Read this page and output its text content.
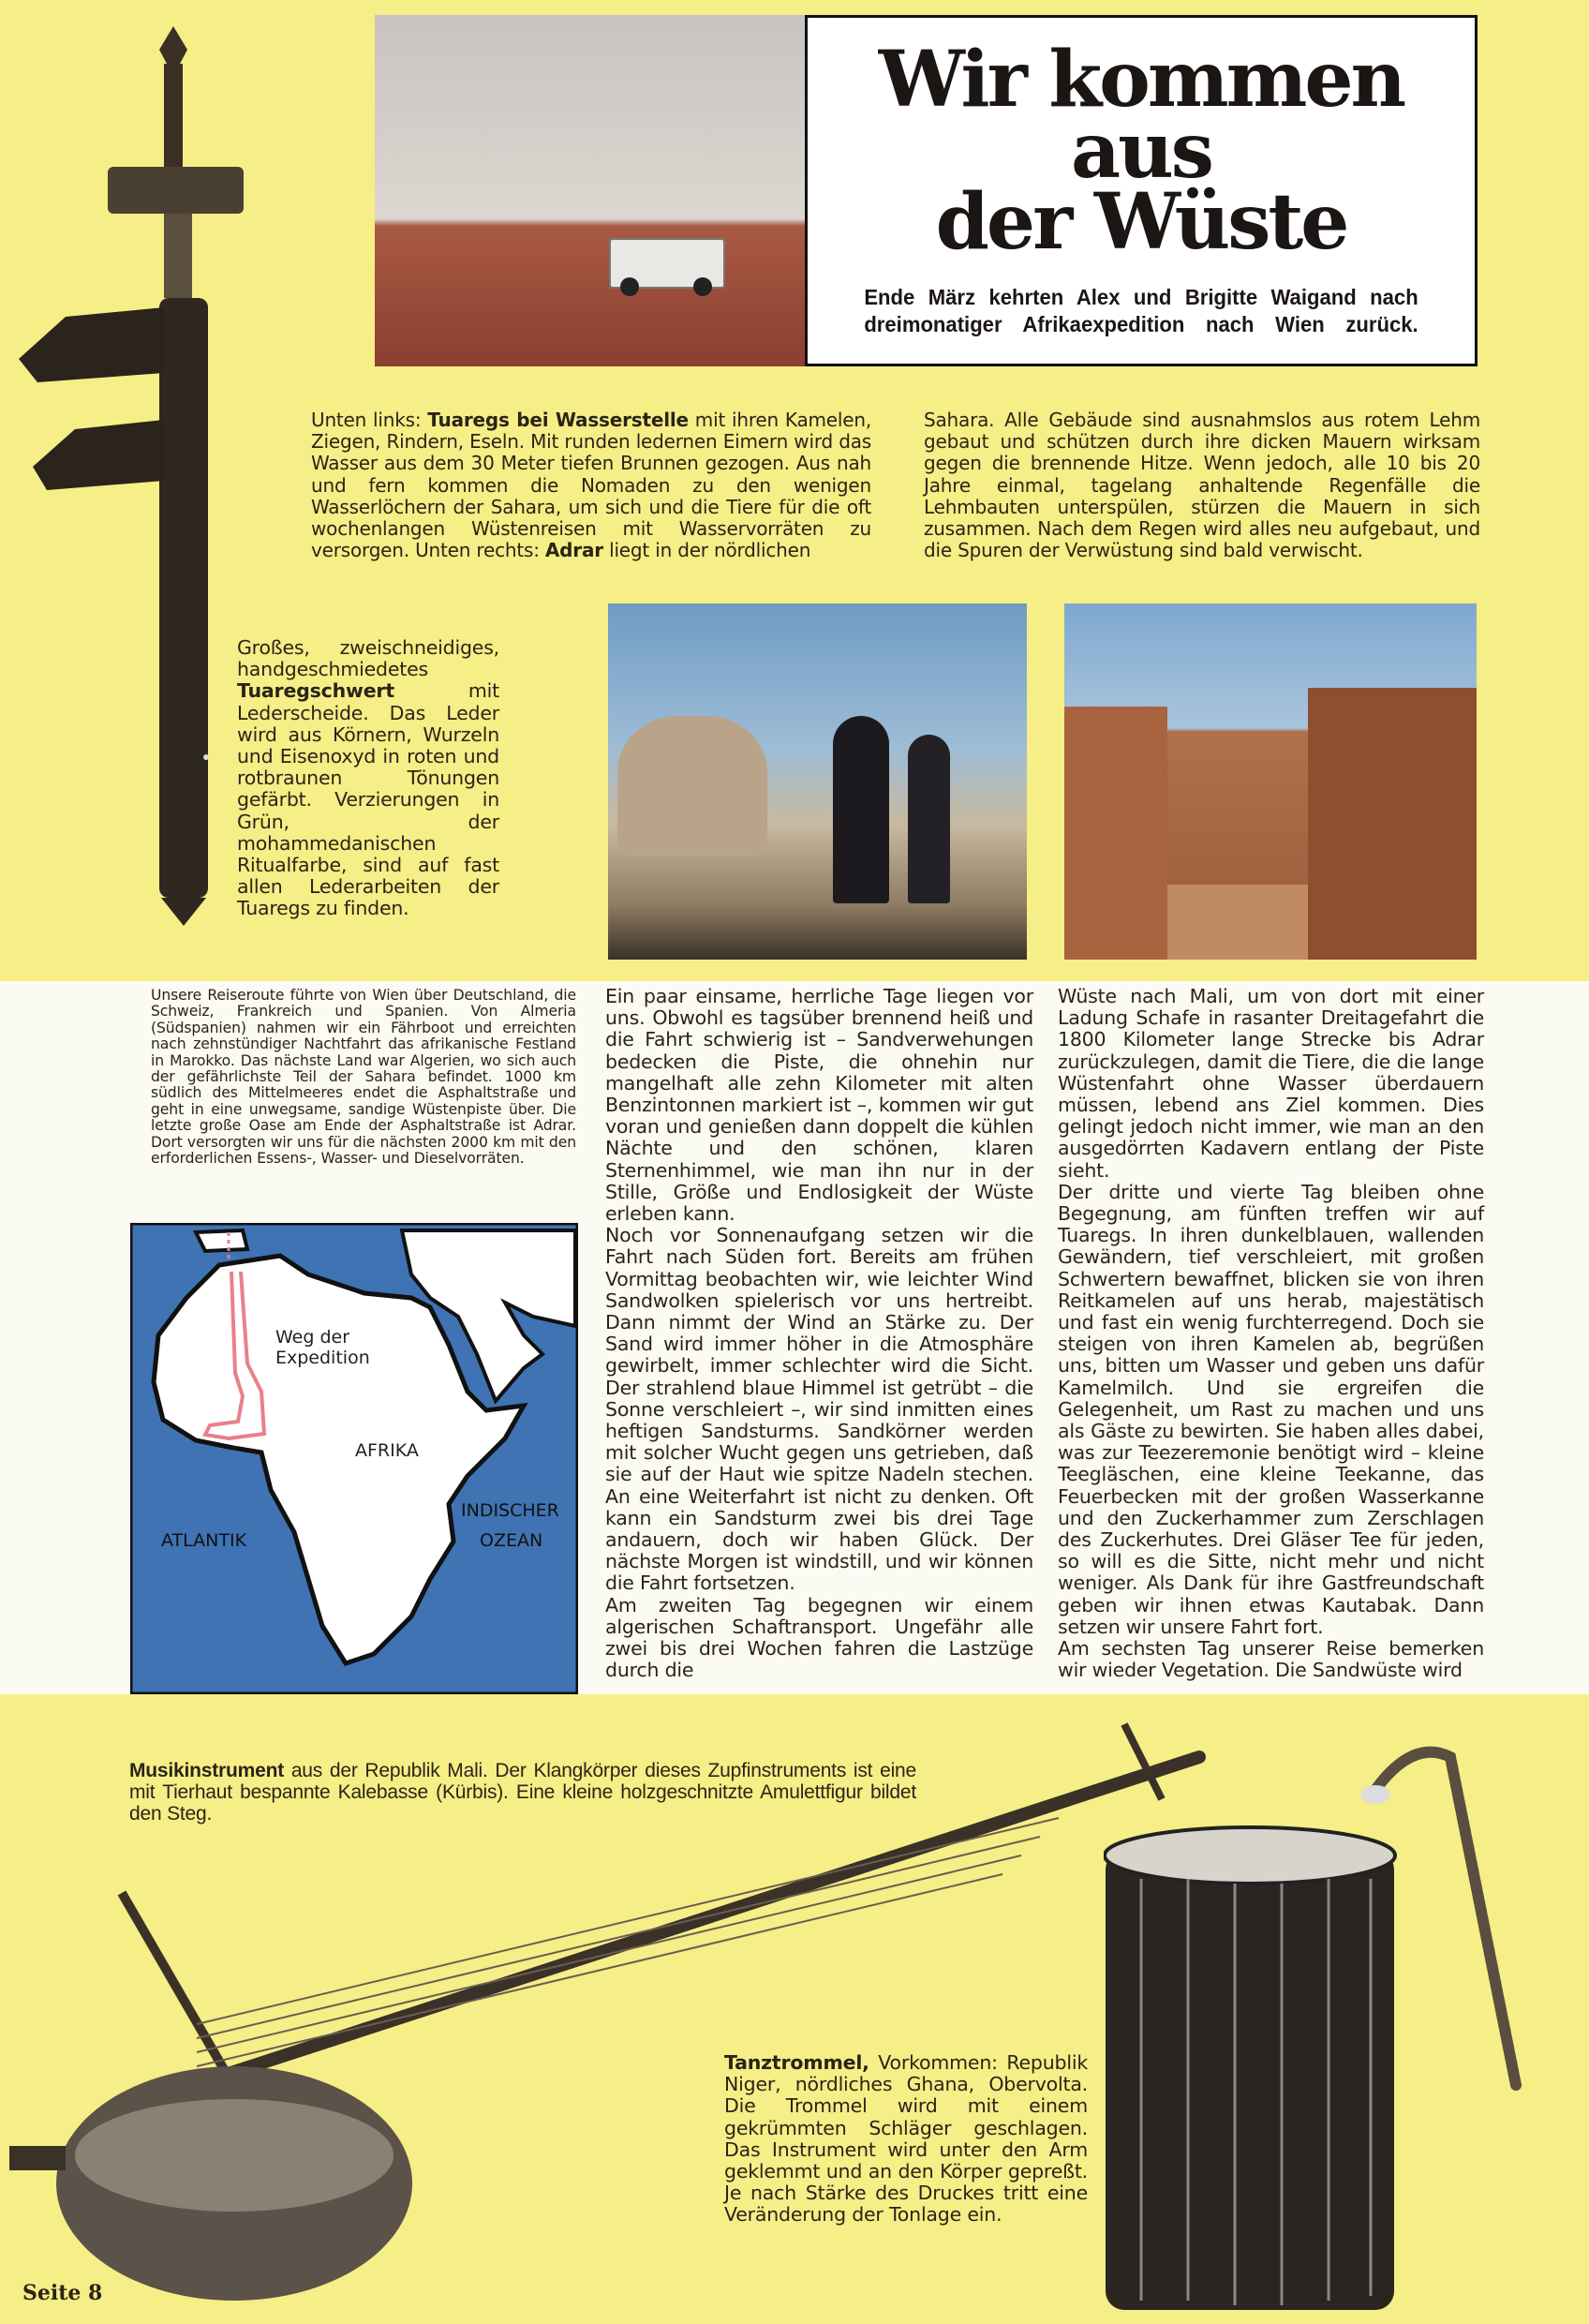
Wir kommen
aus
der Wüste
Ende März kehrten Alex und Brigitte Waigand nach dreimonatiger Afrikaexpedition nach Wien zurück.
Unten links: Tuaregs bei Wasserstelle mit ihren Kamelen, Ziegen, Rindern, Eseln. Mit runden ledernen Eimern wird das Wasser aus dem 30 Meter tiefen Brunnen gezogen. Aus nah und fern kommen die Nomaden zu den wenigen Wasserlöchern der Sahara, um sich und die Tiere für die oft wochenlangen Wüstenreisen mit Wasservorräten zu versorgen. Unten rechts: Adrar liegt in der nördlichen
Sahara. Alle Gebäude sind ausnahmslos aus rotem Lehm gebaut und schützen durch ihre dicken Mauern wirksam gegen die brennende Hitze. Wenn jedoch, alle 10 bis 20 Jahre einmal, tagelang anhaltende Regenfälle die Lehmbauten unterspülen, stürzen die Mauern in sich zusammen. Nach dem Regen wird alles neu aufgebaut, und die Spuren der Verwüstung sind bald verwischt.
Großes, zweischneidiges, handgeschmiedetes Tuaregschwert mit Lederscheide. Das Leder wird aus Körnern, Wurzeln und Eisenoxyd in roten und rotbraunen Tönungen gefärbt. Verzierungen in Grün, der mohammedanischen Ritualfarbe, sind auf fast allen Lederarbeiten der Tuaregs zu finden.
Unsere Reiseroute führte von Wien über Deutschland, die Schweiz, Frankreich und Spanien. Von Almeria (Südspanien) nahmen wir ein Fährboot und erreichten nach zehnstündiger Nachtfahrt das afrikanische Festland in Marokko. Das nächste Land war Algerien, wo sich auch der gefährlichste Teil der Sahara befindet. 1000 km südlich des Mittelmeeres endet die Asphaltstraße und geht in eine unwegsame, sandige Wüstenpiste über. Die letzte große Oase am Ende der Asphaltstraße ist Adrar. Dort versorgten wir uns für die nächsten 2000 km mit den erforderlichen Essens-, Wasser- und Dieselvorräten.
Weg der
Expedition
AFRIKA
ATLANTIK
INDISCHER
OZEAN
Ein paar einsame, herrliche Tage liegen vor uns. Obwohl es tagsüber brennend heiß und die Fahrt schwierig ist – Sandverwehungen bedecken die Piste, die ohnehin nur mangelhaft alle zehn Kilometer mit alten Benzintonnen markiert ist –, kommen wir gut voran und genießen dann doppelt die kühlen Nächte und den schönen, klaren Sternenhimmel, wie man ihn nur in der Stille, Größe und Endlosigkeit der Wüste erleben kann.
Noch vor Sonnenaufgang setzen wir die Fahrt nach Süden fort. Bereits am frühen Vormittag beobachten wir, wie leichter Wind Sandwolken spielerisch vor uns hertreibt. Dann nimmt der Wind an Stärke zu. Der Sand wird immer höher in die Atmosphäre gewirbelt, immer schlechter wird die Sicht. Der strahlend blaue Himmel ist getrübt – die Sonne verschleiert –, wir sind inmitten eines heftigen Sandsturms. Sandkörner werden mit solcher Wucht gegen uns getrieben, daß sie auf der Haut wie spitze Nadeln stechen. An eine Weiterfahrt ist nicht zu denken. Oft kann ein Sandsturm zwei bis drei Tage andauern, doch wir haben Glück. Der nächste Morgen ist windstill, und wir können die Fahrt fortsetzen.
Am zweiten Tag begegnen wir einem algerischen Schaftransport. Ungefähr alle zwei bis drei Wochen fahren die Lastzüge durch die
Wüste nach Mali, um von dort mit einer Ladung Schafe in rasanter Dreitagefahrt die 1800 Kilometer lange Strecke bis Adrar zurückzulegen, damit die Tiere, die die lange Wüstenfahrt ohne Wasser überdauern müssen, lebend ans Ziel kommen. Dies gelingt jedoch nicht immer, wie man an den ausgedörrten Kadavern entlang der Piste sieht.
Der dritte und vierte Tag bleiben ohne Begegnung, am fünften treffen wir auf Tuaregs. In ihren dunkelblauen, wallenden Gewändern, tief verschleiert, mit großen Schwertern bewaffnet, blicken sie von ihren Reitkamelen auf uns herab, majestätisch und fast ein wenig furchterregend. Doch sie steigen von ihren Kamelen ab, begrüßen uns, bitten um Wasser und geben uns dafür Kamelmilch. Und sie ergreifen die Gelegenheit, um Rast zu machen und uns als Gäste zu bewirten. Sie haben alles dabei, was zur Teezeremonie benötigt wird – kleine Teegläschen, eine kleine Teekanne, das Feuerbecken mit der großen Wasserkanne und den Zuckerhammer zum Zerschlagen des Zuckerhutes. Drei Gläser Tee für jeden, so will es die Sitte, nicht mehr und nicht weniger. Als Dank für ihre Gastfreundschaft geben wir ihnen etwas Kautabak. Dann setzen wir unsere Fahrt fort.
Am sechsten Tag unserer Reise bemerken wir wieder Vegetation. Die Sandwüste wird
Musikinstrument aus der Republik Mali. Der Klangkörper dieses Zupfinstruments ist eine mit Tierhaut bespannte Kalebasse (Kürbis). Eine kleine holzgeschnitzte Amulettfigur bildet den Steg.
Tanztrommel, Vorkommen: Republik Niger, nördliches Ghana, Obervolta. Die Trommel wird mit einem gekrümmten Schläger geschlagen. Das Instrument wird unter den Arm geklemmt und an den Körper gepreßt. Je nach Stärke des Druckes tritt eine Veränderung der Tonlage ein.
Seite 8
